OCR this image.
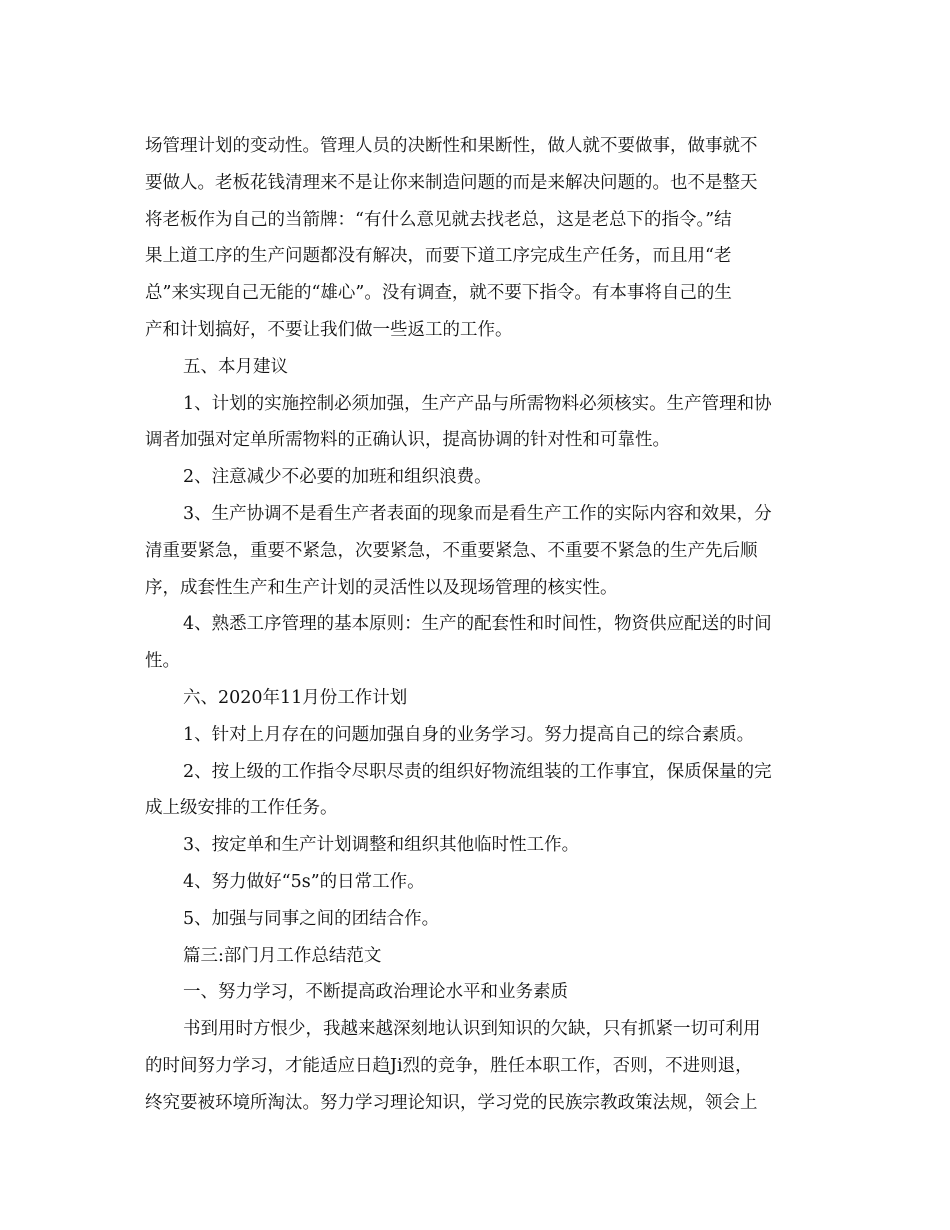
场管理计划的变动性。管理人员的决断性和果断性，做人就不要做事，做事就不
要做人。老板花钱清理来不是让你来制造问题的而是来解决问题的。也不是整天
将老板作为自己的当箭牌：“有什么意见就去找老总，这是老总下的指令。”结
果上道工序的生产问题都没有解决，而要下道工序完成生产任务，而且用“老
总”来实现自己无能的“雄心”。没有调查，就不要下指令。有本事将自己的生
产和计划搞好，不要让我们做一些返工的工作。
五、本月建议
1、计划的实施控制必须加强，生产产品与所需物料必须核实。生产管理和协
调者加强对定单所需物料的正确认识，提高协调的针对性和可靠性。
2、注意减少不必要的加班和组织浪费。
3、生产协调不是看生产者表面的现象而是看生产工作的实际内容和效果，分
清重要紧急，重要不紧急，次要紧急，不重要紧急、不重要不紧急的生产先后顺
序，成套性生产和生产计划的灵活性以及现场管理的核实性。
4、熟悉工序管理的基本原则：生产的配套性和时间性，物资供应配送的时间
性。
六、2020年11月份工作计划
1、针对上月存在的问题加强自身的业务学习。努力提高自己的综合素质。
2、按上级的工作指令尽职尽责的组织好物流组装的工作事宜，保质保量的完
成上级安排的工作任务。
3、按定单和生产计划调整和组织其他临时性工作。
4、努力做好“5s”的日常工作。
5、加强与同事之间的团结合作。
篇三:部门月工作总结范文
一、努力学习，不断提高政治理论水平和业务素质
书到用时方恨少，我越来越深刻地认识到知识的欠缺，只有抓紧一切可利用
的时间努力学习，才能适应日趋Ji烈的竞争，胜任本职工作，否则，不进则退，
终究要被环境所淘汰。努力学习理论知识，学习党的民族宗教政策法规，领会上
